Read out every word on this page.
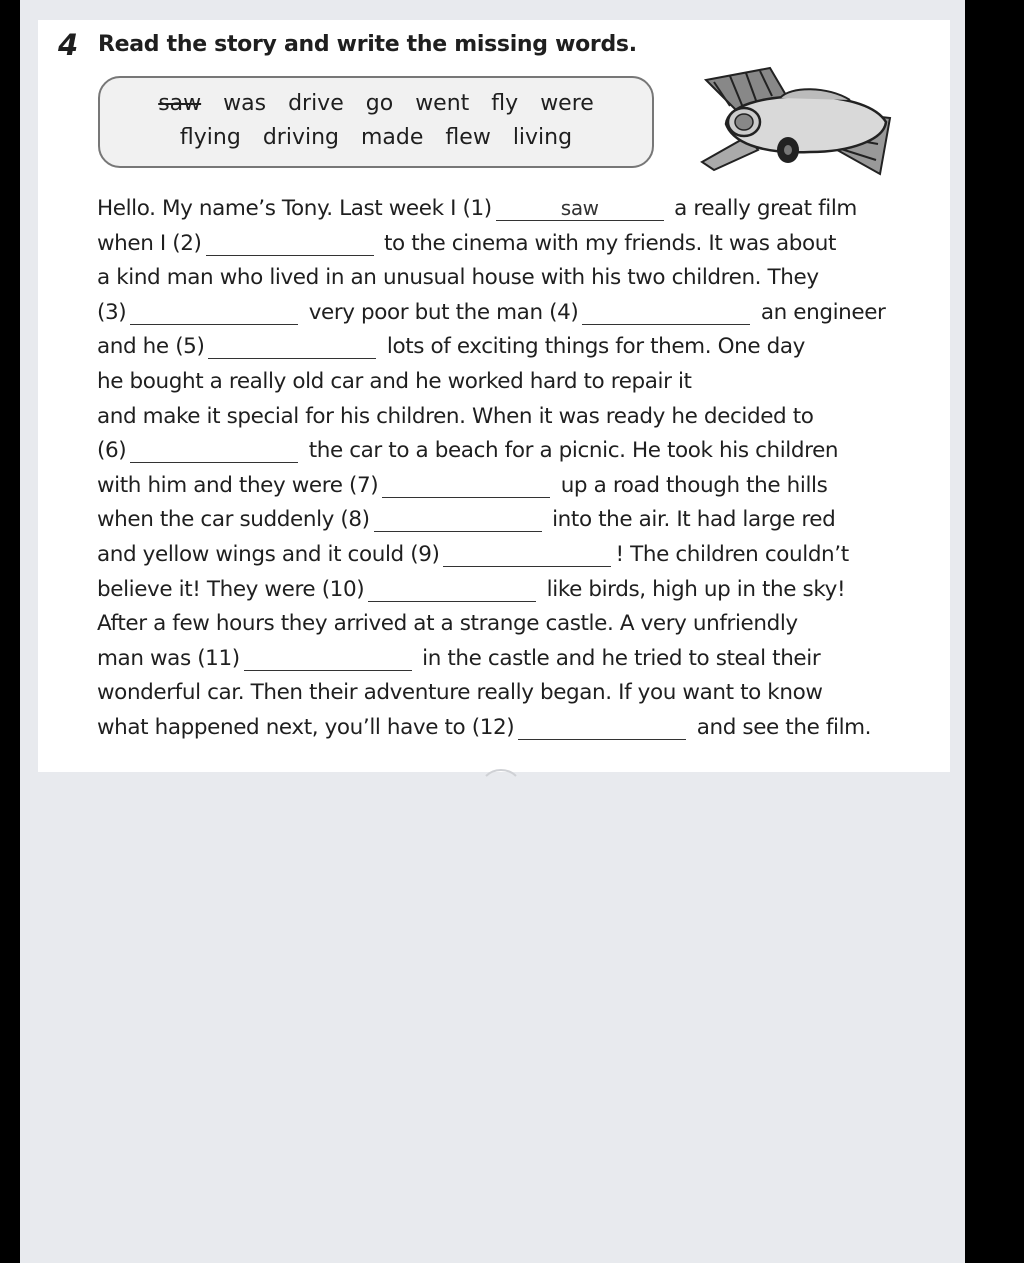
4 Read the story and write the missing words.
saw was drive go went fly were
flying driving made flew living
Hello. My name’s Tony. Last week I (1)	saw	a really great film
when I (2)	to the cinema with my friends. It was about
a kind man who lived in an unusual house with his two children. They
(3)	very poor but the man (4)	an engineer
and he (5)	lots of exciting things for them. One day
he bought a really old car and he worked hard to repair it
and make it special for his children. When it was ready he decided to
(6)	the car to a beach for a picnic. He took his children
with him and they were (7)	up a road though the hills
when the car suddenly (8)	into the air. It had large red
and yellow wings and it could (9)	! The children couldn’t
believe it! They were (10)	like birds, high up in the sky!
After a few hours they arrived at a strange castle. A very unfriendly
man was (11)	in the castle and he tried to steal their
wonderful car. Then their adventure really began. If you want to know
what happened next, you’ll have to (12)	and see the film.
